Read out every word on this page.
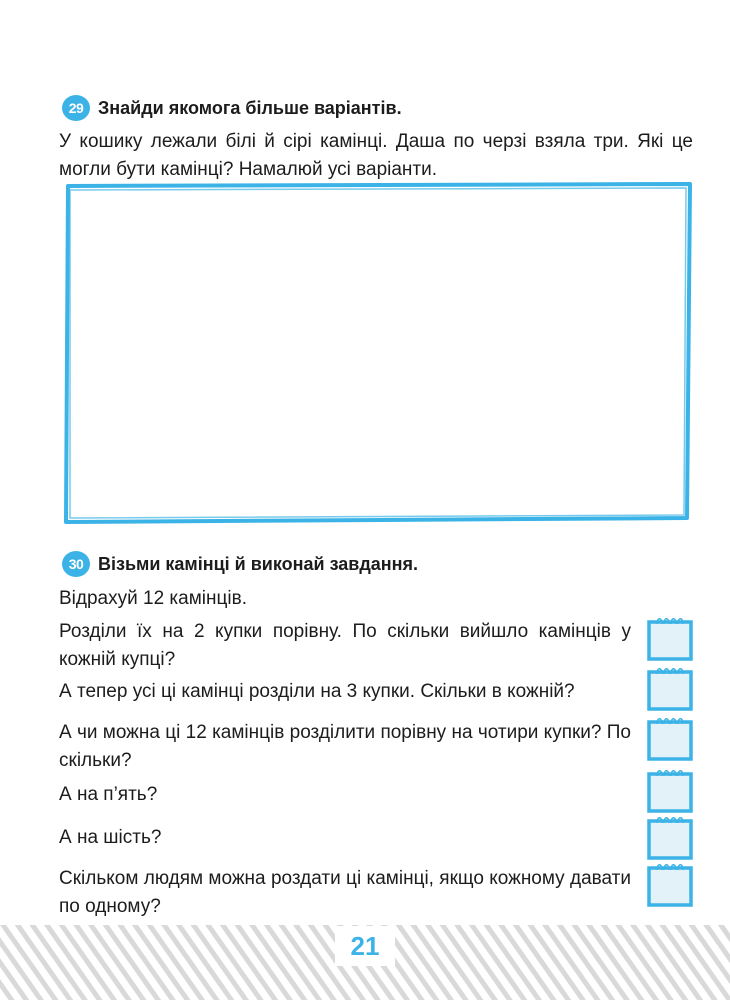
29 Знайди якомога більше варіантів.
У кошику лежали білі й сірі камінці. Даша по черзі взяла три. Які це могли бути камінці? Намалюй усі варіанти.
30 Візьми камінці й виконай завдання.
Відрахуй 12 камінців.
Розділи їх на 2 купки порівну. По скільки вийшло камінців у кожній купці?
А тепер усі ці камінці розділи на 3 купки. Скільки в кожній?
А чи можна ці 12 камінців розділити порівну на чотири купки? По скільки?
А на п’ять?
А на шість?
Скільком людям можна роздати ці камінці, якщо кожному давати по одному?
21
